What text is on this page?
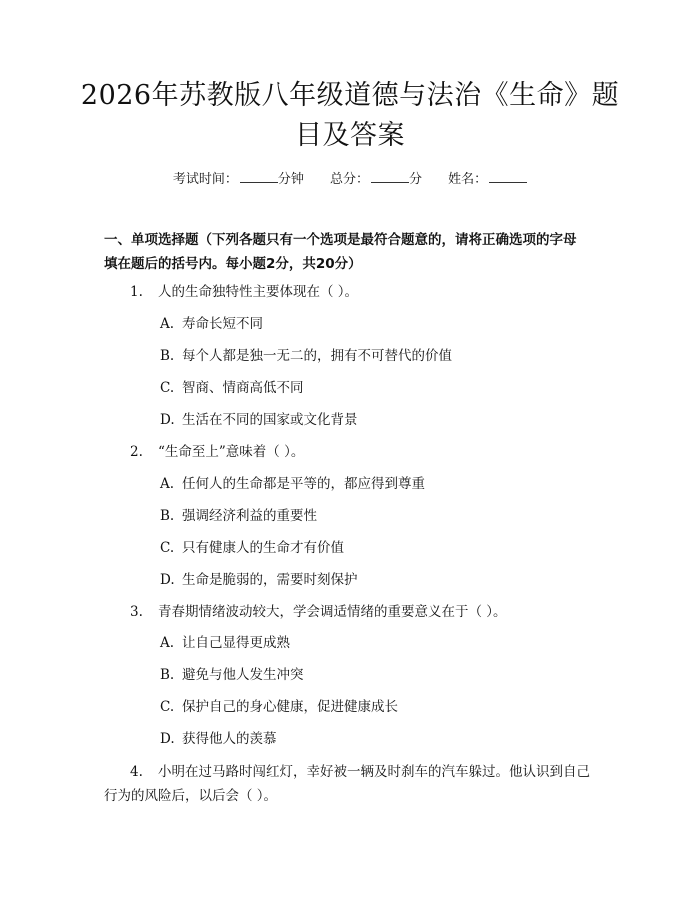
2026年苏教版八年级道德与法治《生命》题
目及答案
考试时间：	分钟 总分：	分 姓名：
一、单项选择题（下列各题只有一个选项是最符合题意的，请将正确选项的字母
填在题后的括号内。每小题2分，共20分）
1. 人的生命独特性主要体现在（ ）。
A. 寿命长短不同
B. 每个人都是独一无二的，拥有不可替代的价值
C. 智商、情商高低不同
D. 生活在不同的国家或文化背景
2. “生命至上”意味着（ ）。
A. 任何人的生命都是平等的，都应得到尊重
B. 强调经济利益的重要性
C. 只有健康人的生命才有价值
D. 生命是脆弱的，需要时刻保护
3. 青春期情绪波动较大，学会调适情绪的重要意义在于（ ）。
A. 让自己显得更成熟
B. 避免与他人发生冲突
C. 保护自己的身心健康，促进健康成长
D. 获得他人的羡慕
4. 小明在过马路时闯红灯，幸好被一辆及时刹车的汽车躲过。他认识到自己
行为的风险后，以后会（ ）。
